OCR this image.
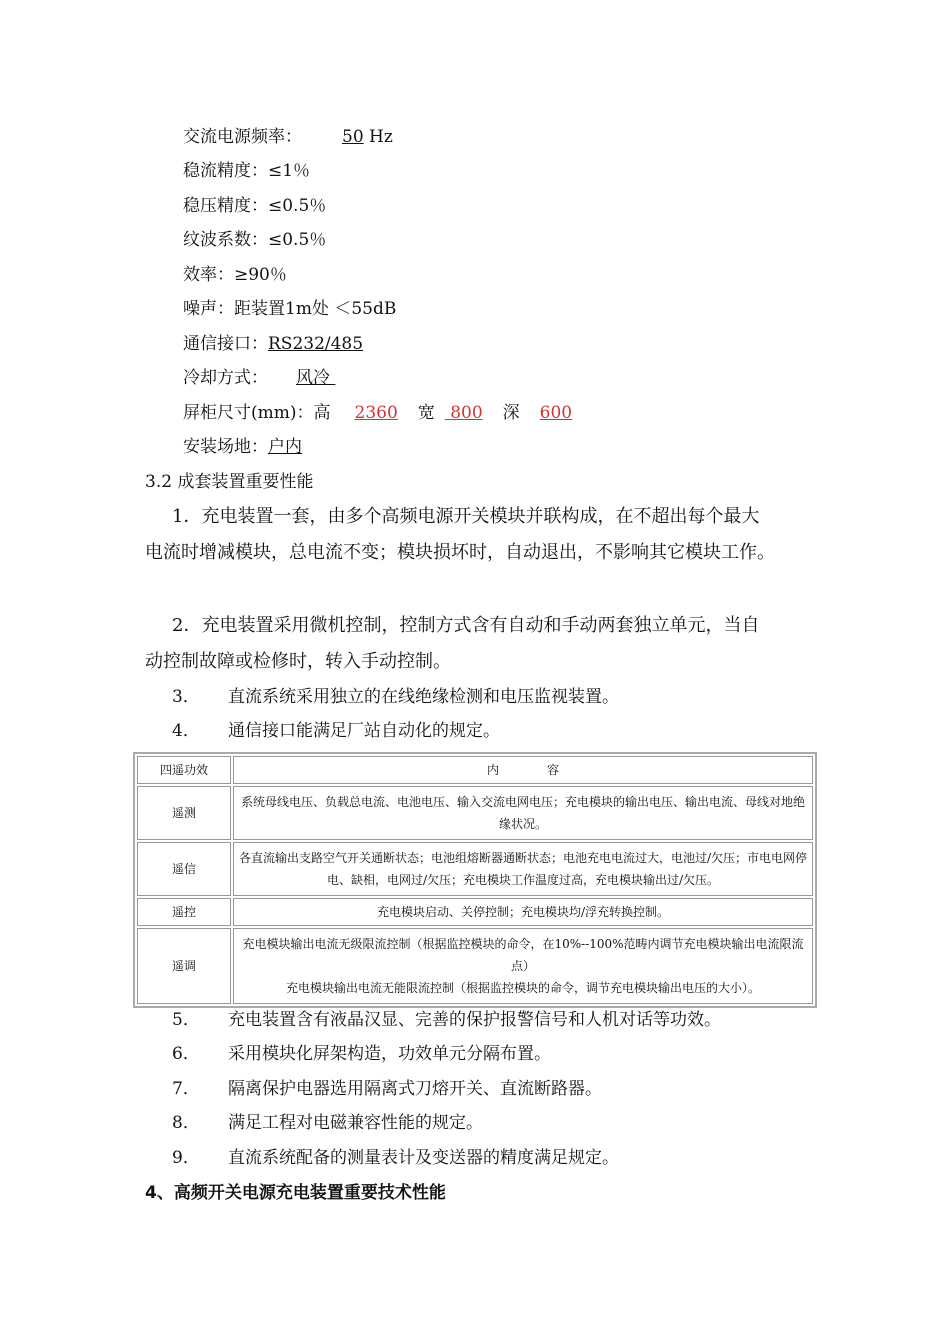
交流电源频率： 50 Hz
稳流精度：≤1％
稳压精度：≤0.5％
纹波系数：≤0.5％
效率：≥90％
噪声：距装置1m处 ＜55dB
通信接口：RS232/485
冷却方式： 风冷
屏柜尺寸(mm)：高 2360 宽 800 深 600
安装场地：户内
3.2 成套装置重要性能
1．充电装置一套，由多个高频电源开关模块并联构成，在不超出每个最大
电流时增减模块，总电流不变；模块损坏时，自动退出，不影响其它模块工作。
2．充电装置采用微机控制，控制方式含有自动和手动两套独立单元，当自
动控制故障或检修时，转入手动控制。
3． 直流系统采用独立的在线绝缘检测和电压监视装置。
4． 通信接口能满足厂站自动化的规定。
四遥功效	内　　　　容
遥测	系统母线电压、负载总电流、电池电压、输入交流电网电压；充电模块的输出电压、输出电流、母线对地绝缘状况。
遥信	各直流输出支路空气开关通断状态；电池组熔断器通断状态；电池充电电流过大，电池过/欠压；市电电网停电、缺相，电网过/欠压；充电模块工作温度过高，充电模块输出过/欠压。
遥控	充电模块启动、关停控制；充电模块均/浮充转换控制。
遥调	充电模块输出电流无级限流控制（根据监控模块的命令，在10%--100%范畴内调节充电模块输出电流限流点）
充电模块输出电流无能限流控制（根据监控模块的命令，调节充电模块输出电压的大小）。
5． 充电装置含有液晶汉显、完善的保护报警信号和人机对话等功效。
6． 采用模块化屏架构造，功效单元分隔布置。
7． 隔离保护电器选用隔离式刀熔开关、直流断路器。
8． 满足工程对电磁兼容性能的规定。
9． 直流系统配备的测量表计及变送器的精度满足规定。
4、高频开关电源充电装置重要技术性能
